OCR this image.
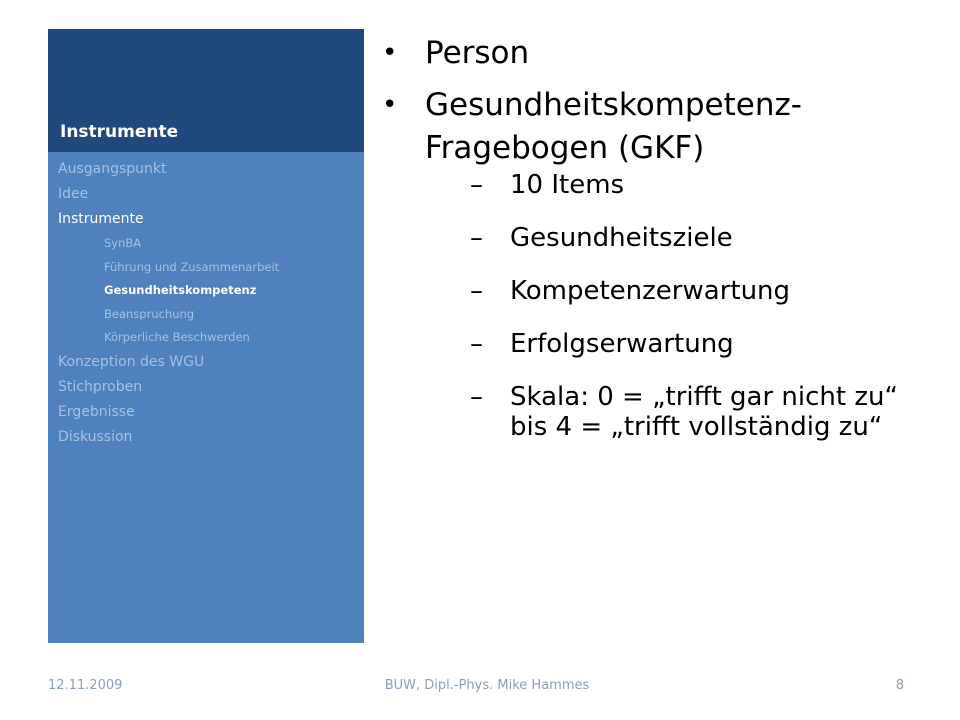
Instrumente
Ausgangspunkt
Idee
Instrumente
SynBA
Führung und Zusammenarbeit
Gesundheitskompetenz
Beanspruchung
Körperliche Beschwerden
Konzeption des WGU
Stichproben
Ergebnisse
Diskussion
• Person
• Gesundheitskompetenz-Fragebogen (GKF)
– 10 Items
– Gesundheitsziele
– Kompetenzerwartung
– Erfolgserwartung
– Skala: 0 = „trifft gar nicht zu“ bis 4 = „trifft vollständig zu“
12.11.2009	BUW, Dipl.-Phys. Mike Hammes	8
